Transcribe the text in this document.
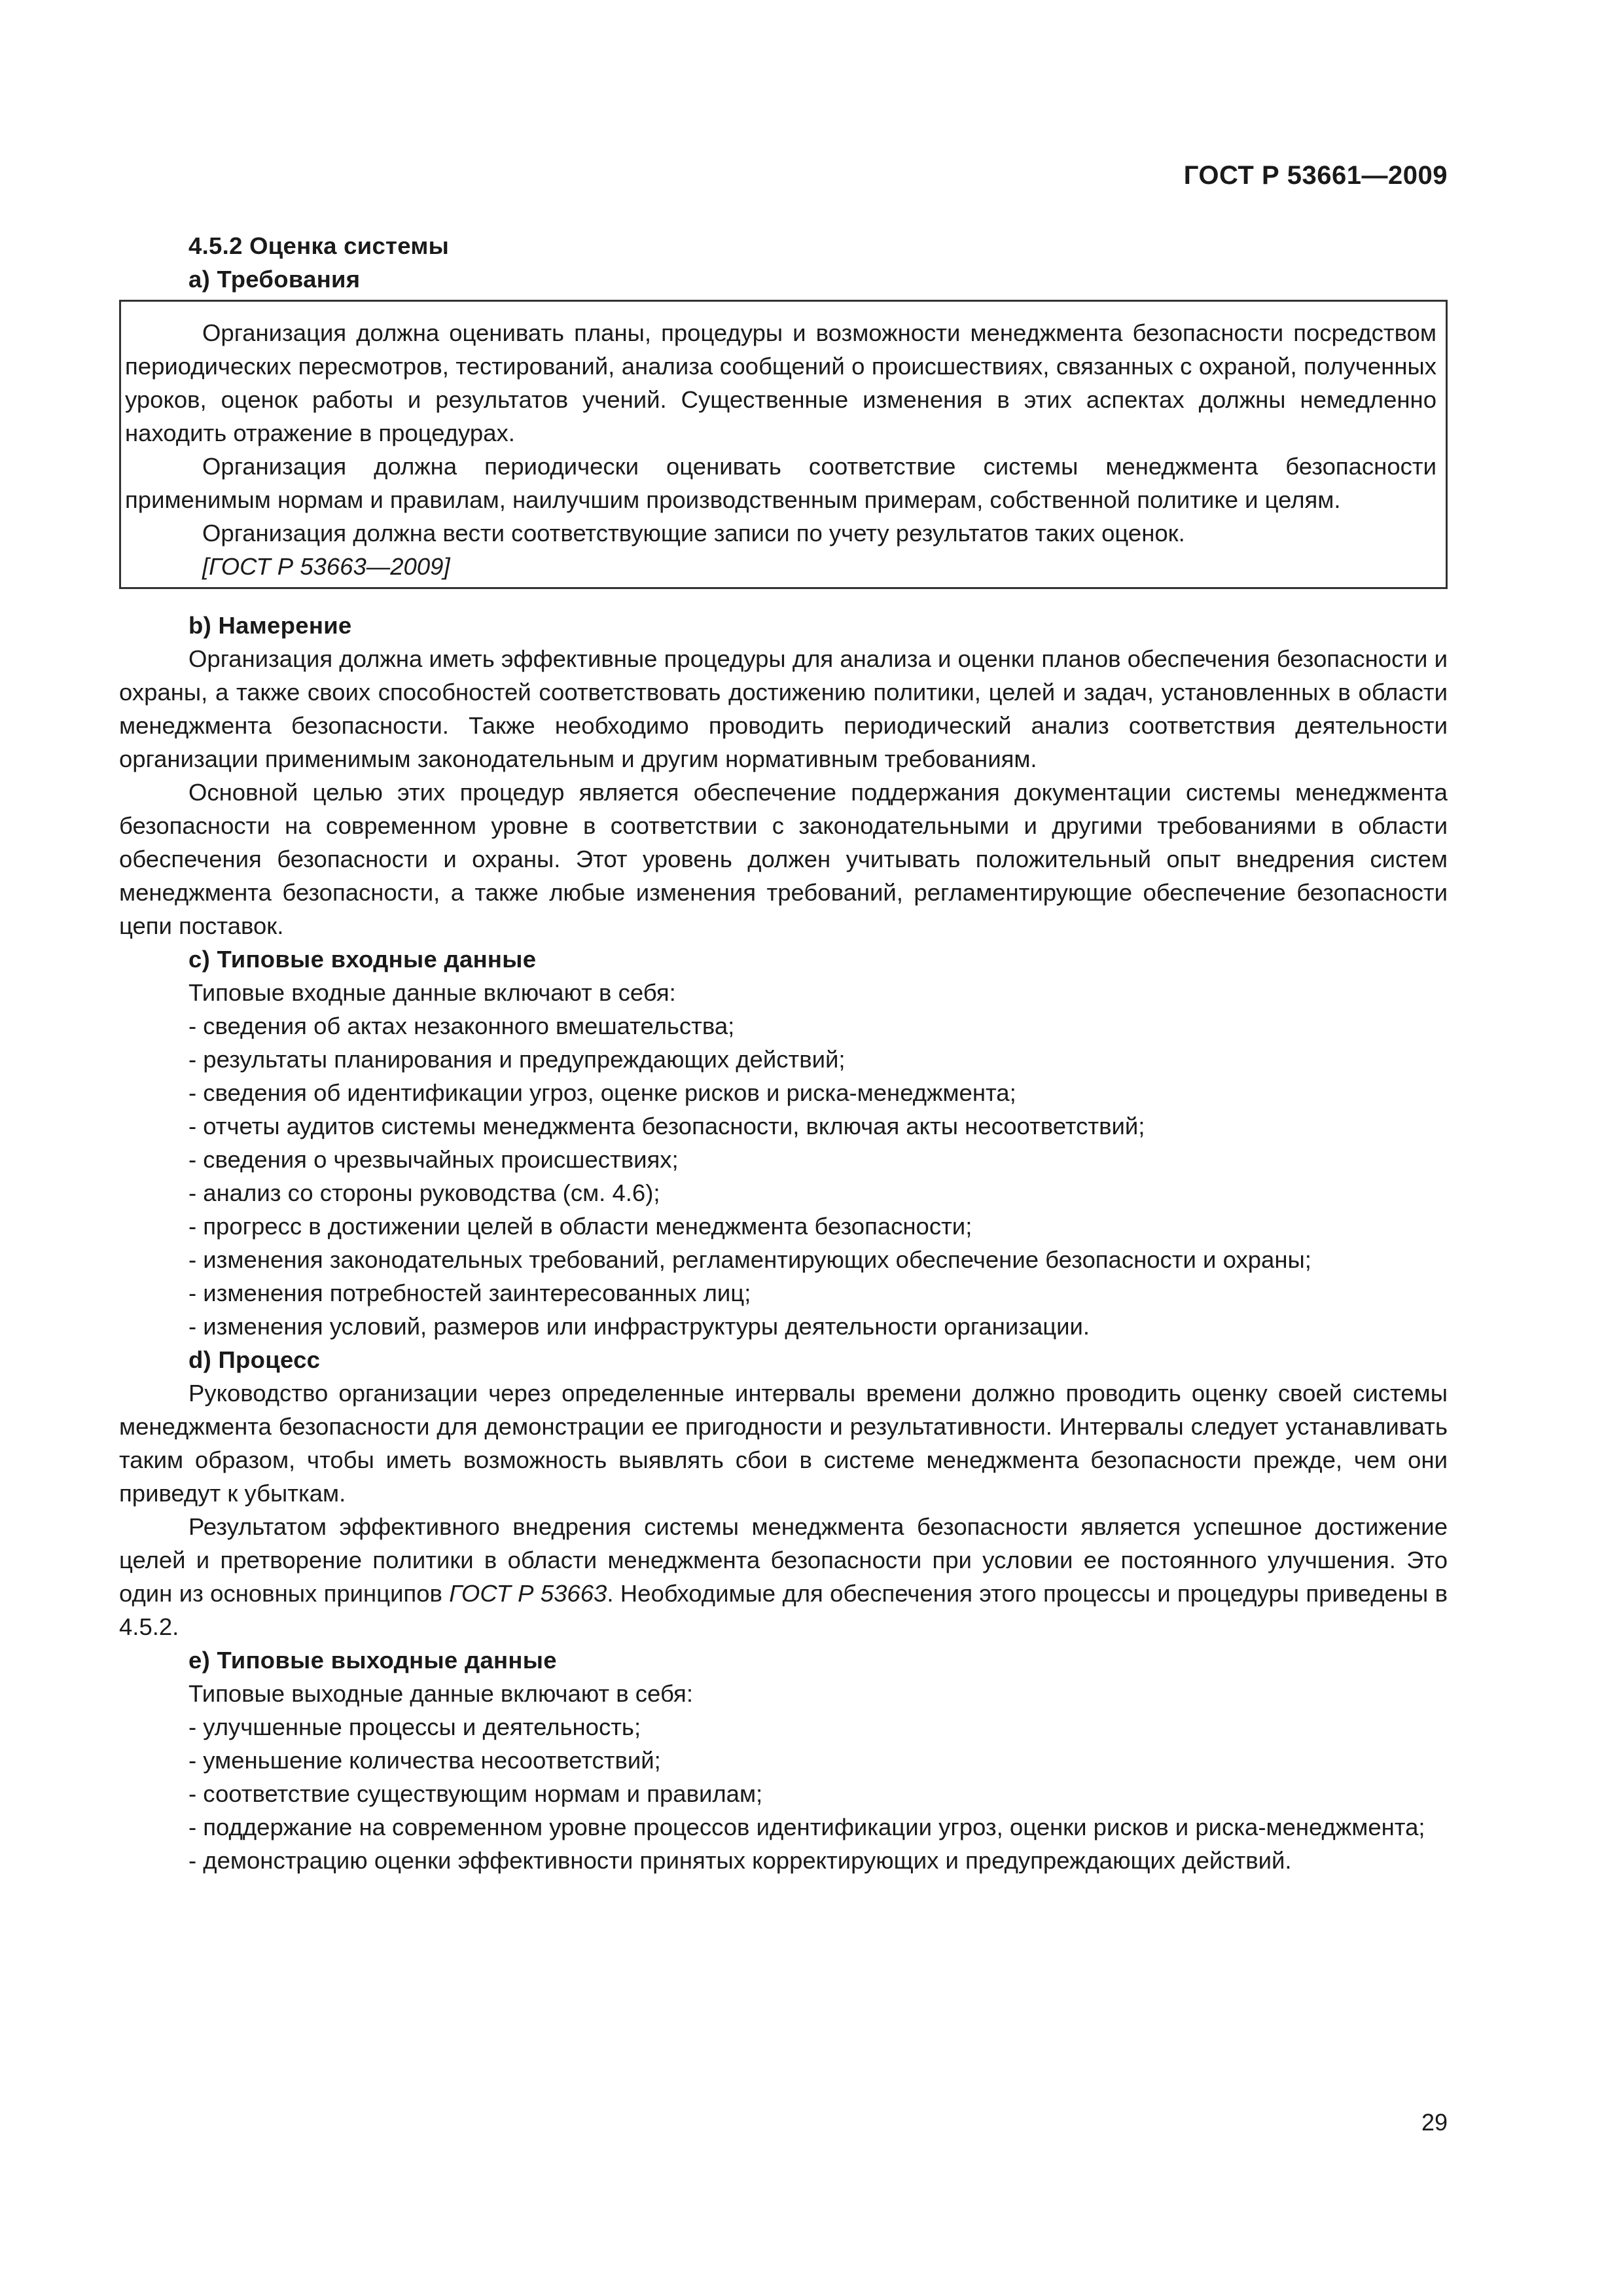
ГОСТ Р 53661—2009

4.5.2 Оценка системы

а) Требования

Организация должна оценивать планы, процедуры и возможности менеджмента безопасности посредством периодических пересмотров, тестирований, анализа сообщений о происшествиях, связанных с охраной, полученных уроков, оценок работы и результатов учений. Существенные изменения в этих аспектах должны немедленно находить отражение в процедурах.

Организация должна периодически оценивать соответствие системы менеджмента безопасности применимым нормам и правилам, наилучшим производственным примерам, собственной политике и целям.

Организация должна вести соответствующие записи по учету результатов таких оценок.

[ГОСТ Р 53663—2009]

b) Намерение

Организация должна иметь эффективные процедуры для анализа и оценки планов обеспечения безопасности и охраны, а также своих способностей соответствовать достижению политики, целей и задач, установленных в области менеджмента безопасности. Также необходимо проводить периодический анализ соответствия деятельности организации применимым законодательным и другим нормативным требованиям.

Основной целью этих процедур является обеспечение поддержания документации системы менеджмента безопасности на современном уровне в соответствии с законодательными и другими требованиями в области обеспечения безопасности и охраны. Этот уровень должен учитывать положительный опыт внедрения систем менеджмента безопасности, а также любые изменения требований, регламентирующие обеспечение безопасности цепи поставок.

c) Типовые входные данные

Типовые входные данные включают в себя:

- сведения об актах незаконного вмешательства;

- результаты планирования и предупреждающих действий;

- сведения об идентификации угроз, оценке рисков и риска-менеджмента;

- отчеты аудитов системы менеджмента безопасности, включая акты несоответствий;

- сведения о чрезвычайных происшествиях;

- анализ со стороны руководства (см. 4.6);

- прогресс в достижении целей в области менеджмента безопасности;

- изменения законодательных требований, регламентирующих обеспечение безопасности и охраны;

- изменения потребностей заинтересованных лиц;

- изменения условий, размеров или инфраструктуры деятельности организации.

d) Процесс

Руководство организации через определенные интервалы времени должно проводить оценку своей системы менеджмента безопасности для демонстрации ее пригодности и результативности. Интервалы следует устанавливать таким образом, чтобы иметь возможность выявлять сбои в системе менеджмента безопасности прежде, чем они приведут к убыткам.

Результатом эффективного внедрения системы менеджмента безопасности является успешное достижение целей и претворение политики в области менеджмента безопасности при условии ее постоянного улучшения. Это один из основных принципов ГОСТ Р 53663. Необходимые для обеспечения этого процессы и процедуры приведены в 4.5.2.

e) Типовые выходные данные

Типовые выходные данные включают в себя:

- улучшенные процессы и деятельность;

- уменьшение количества несоответствий;

- соответствие существующим нормам и правилам;

- поддержание на современном уровне процессов идентификации угроз, оценки рисков и риска-менеджмента;

- демонстрацию оценки эффективности принятых корректирующих и предупреждающих действий.

29
